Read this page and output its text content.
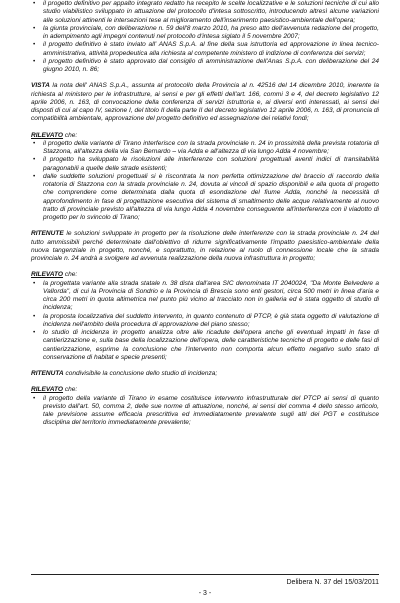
• il progetto definitivo per appalto integrato redatto ha recepito le scelte localizzative e le soluzioni tecniche di cui allo studio viabilistico sviluppato in attuazione del protocollo d'intesa sottoscritto, introducendo altresì alcune variazioni alle soluzioni attinenti le intersezioni tese al miglioramento dell'inserimento paesistico-ambientale dell'opera;
• la giunta provinciale, con deliberazione n. 59 dell'8 marzo 2010, ha preso atto dell'avvenuta redazione del progetto, in adempimento agli impegni contenuti nel protocollo d'intesa siglato il 5 novembre 2007;
• il progetto definitivo è stato inviato all' ANAS S.p.A. al fine della sua istruttoria ed approvazione in linea tecnico-amministrativa, attività propedeutica alla richiesta al competente ministero di indizione di conferenza dei servizi;
• il progetto definitivo è stato approvato dal consiglio di amministrazione dell'Anas S.p.A. con deliberazione del 24 giugno 2010, n. 86;

VISTA la nota dell' ANAS S.p.A., assunta al protocollo della Provincia al n. 42516 del 14 dicembre 2010, inerente la richiesta al ministero per le infrastrutture, ai sensi e per gli effetti dell'art. 166, commi 3 e 4, del decreto legislativo 12 aprile 2006, n. 163, di convocazione della conferenza di servizi istruttoria e, ai diversi enti interessati, ai sensi dei disposti di cui al capo IV, sezione I, del titolo II della parte II del decreto legislativo 12 aprile 2006, n. 163, di pronuncia di compatibilità ambientale, approvazione del progetto definitivo ed assegnazione dei relativi fondi;

RILEVATO che:

• il progetto della variante di Tirano interferisce con la strada provinciale n. 24 in prossimità della prevista rotatoria di Stazzona, all'altezza della via San Bernardo – via Adda e all'altezza di via lungo Adda 4 novembre;
• il progetto ha sviluppato le risoluzioni alle interferenze con soluzioni progettuali aventi indici di transitabilità paragonabili a quelle delle strade esistenti;
• dalle suddette soluzioni progettuali si è riscontrata la non perfetta ottimizzazione del braccio di raccordo della rotatoria di Stazzona con la strada provinciale n. 24, dovuta ai vincoli di spazio disponibili e alla quota di progetto che comprendere come determinata dalla quota di esondazione del fiume Adda, nonché la necessità di approfondimento in fase di progettazione esecutiva del sistema di smaltimento delle acque relativamente al nuovo tratto di provinciale previsto all'altezza di via lungo Adda 4 novembre conseguente all'interferenza con il viadotto di progetto per lo svincolo di Tirano;

RITENUTE le soluzioni sviluppate in progetto per la risoluzione delle interferenze con la strada provinciale n. 24 del tutto ammissibili perché determinate dall'obiettivo di ridurre significativamente l'impatto paesistico-ambientale della nuova tangenziale in progetto, nonché, e soprattutto, in relazione al ruolo di connessione locale che la strada provinciale n. 24 andrà a svolgere ad avvenuta realizzazione della nuova infrastruttura in progetto;

RILEVATO che:

• la progettata variante alla strada statale n. 38 dista dall'area SIC denominata IT 2040024, "Da Monte Belvedere a Vallorda", di cui la Provincia di Sondrio e la Provincia di Brescia sono enti gestori, circa 500 metri in linea d'aria e circa 200 metri in quota altimetrica nel punto più vicino al tracciato non in galleria ed è stata oggetto di studio di incidenza;
• la proposta localizzativa del suddetto intervento, in quanto contenuto di PTCP, è già stata oggetto di valutazione di incidenza nell'ambito della procedura di approvazione del piano stesso;
• lo studio di incidenza in progetto analizza oltre alle ricadute dell'opera anche gli eventuali impatti in fase di cantierizzazione e, sulla base della localizzazione dell'opera, delle caratteristiche tecniche di progetto e delle fasi di cantierizzazione, esprime la conclusione che l'intervento non comporta alcun effetto negativo sullo stato di conservazione di habitat e specie presenti;

RITENUTA condivisibile la conclusione dello studio di incidenza;

RILEVATO che:

• il progetto della variante di Tirano in esame costituisce intervento infrastrutturale del PTCP ai sensi di quanto previsto dall'art. 50, comma 2, delle sue norme di attuazione, nonché, ai sensi del comma 4 dello stesso articolo, tale previsione assume efficacia prescrittiva ed immediatamente prevalente sugli atti dei PGT e costituisce disciplina del territorio immediatamente prevalente;
Delibera N. 37 del 15/03/2011
- 3 -
